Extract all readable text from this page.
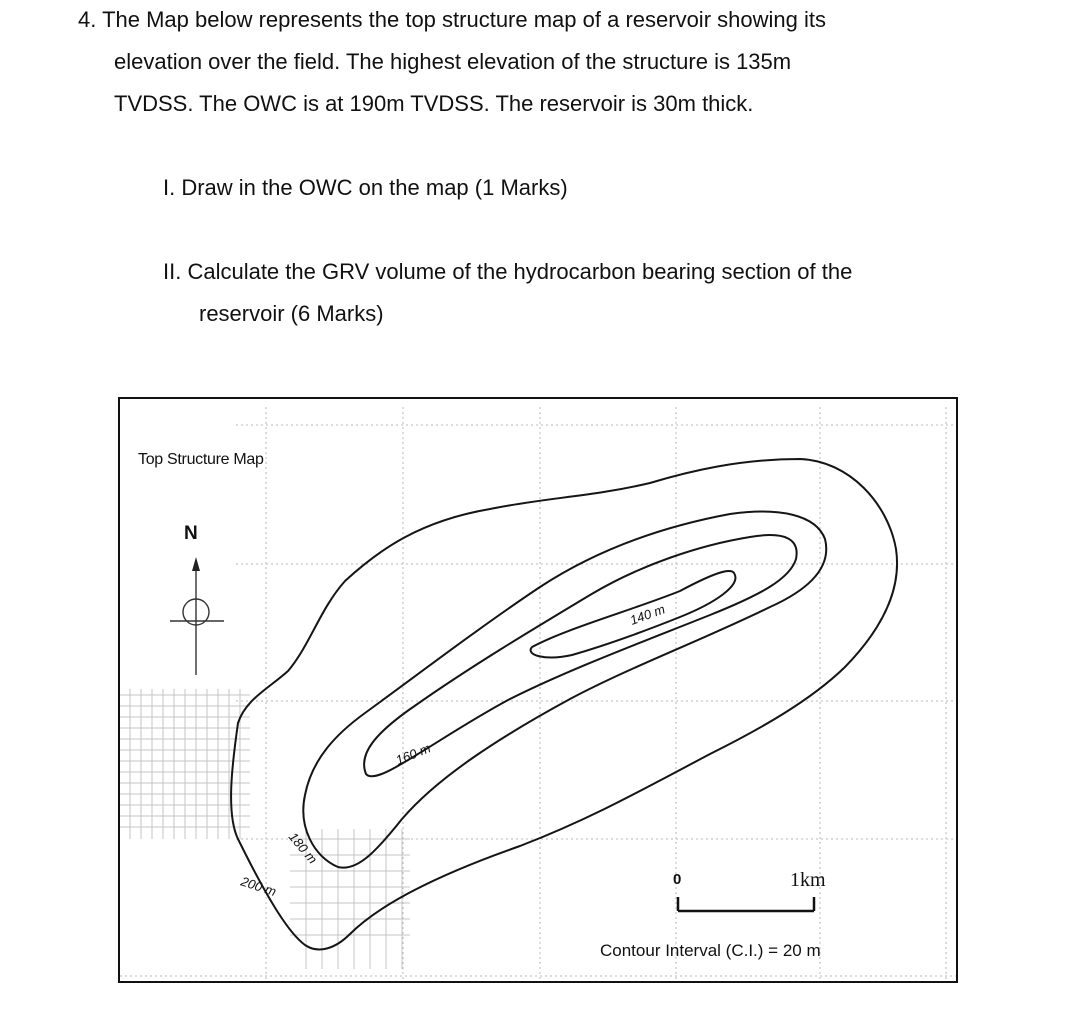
4. The Map below represents the top structure map of a reservoir showing its
elevation over the field. The highest elevation of the structure is 135m
TVDSS. The OWC is at 190m TVDSS. The reservoir is 30m thick.
I. Draw in the OWC on the map (1 Marks)
II. Calculate the GRV volume of the hydrocarbon bearing section of the
reservoir (6 Marks)
140 m
160 m
180 m
200 m
Top Structure Map
N
0	1km
Contour Interval (C.I.) = 20 m
